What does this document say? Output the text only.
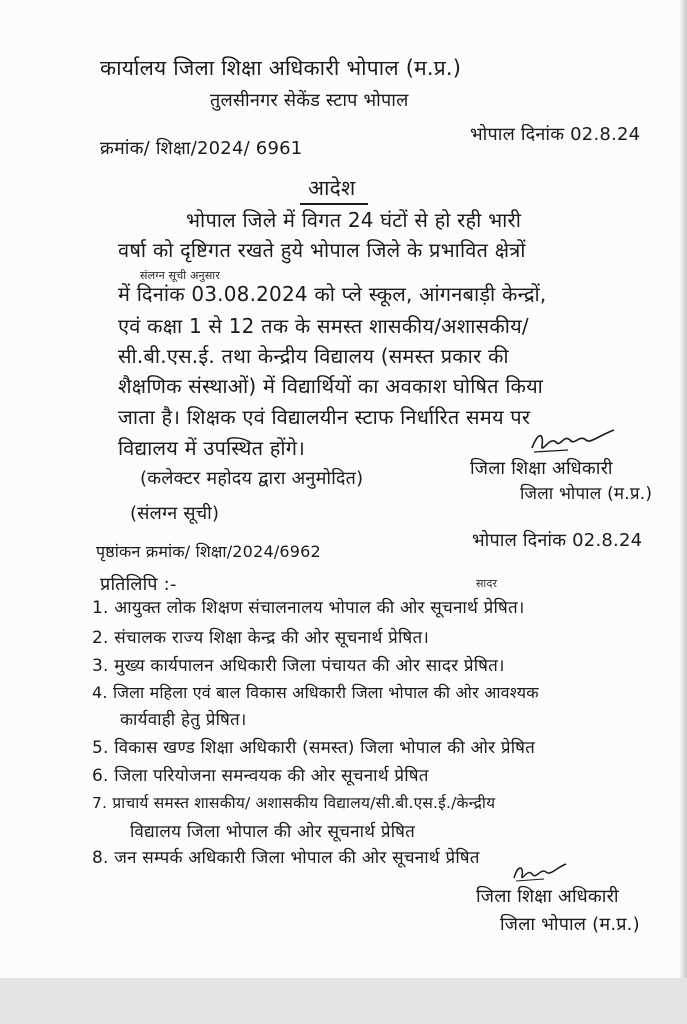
कार्यालय जिला शिक्षा अधिकारी भोपाल (म.प्र.)
तुलसीनगर सेकेंड स्टाप भोपाल
क्रमांक/ शिक्षा/2024/ 6961
भोपाल दिनांक 02.8.24
आदेश
भोपाल जिले में विगत 24 घंटों से हो रही भारी
वर्षा को दृष्टिगत रखते हुये भोपाल जिले के प्रभावित क्षेत्रों
संलग्न सूची अनुसार
में दिनांक 03.08.2024 को प्ले स्कूल, आंगनबाड़ी केन्द्रों,
एवं कक्षा 1 से 12 तक के समस्त शासकीय/अशासकीय/
सी.बी.एस.ई. तथा केन्द्रीय विद्यालय (समस्त प्रकार की
शैक्षणिक संस्थाओं) में विद्यार्थियों का अवकाश घोषित किया
जाता है। शिक्षक एवं विद्यालयीन स्टाफ निर्धारित समय पर
विद्यालय में उपस्थित होंगे।
(कलेक्टर महोदय द्वारा अनुमोदित)
(संलग्न सूची)
जिला शिक्षा अधिकारी
जिला भोपाल (म.प्र.)
पृष्ठांकन क्रमांक/ शिक्षा/2024/6962
भोपाल दिनांक 02.8.24
प्रतिलिपि :-	सादर
1. आयुक्त लोक शिक्षण संचालनालय भोपाल की ओर सूचनार्थ प्रेषित।
2. संचालक राज्य शिक्षा केन्द्र की ओर सूचनार्थ प्रेषित।
3. मुख्य कार्यपालन अधिकारी जिला पंचायत की ओर सादर प्रेषित।
4. जिला महिला एवं बाल विकास अधिकारी जिला भोपाल की ओर आवश्यक
कार्यवाही हेतु प्रेषित।
5. विकास खण्ड शिक्षा अधिकारी (समस्त) जिला भोपाल की ओर प्रेषित
6. जिला परियोजना समन्वयक की ओर सूचनार्थ प्रेषित
7. प्राचार्य समस्त शासकीय/ अशासकीय विद्यालय/सी.बी.एस.ई./केन्द्रीय
विद्यालय जिला भोपाल की ओर सूचनार्थ प्रेषित
8. जन सम्पर्क अधिकारी जिला भोपाल की ओर सूचनार्थ प्रेषित
जिला शिक्षा अधिकारी
जिला भोपाल (म.प्र.)
